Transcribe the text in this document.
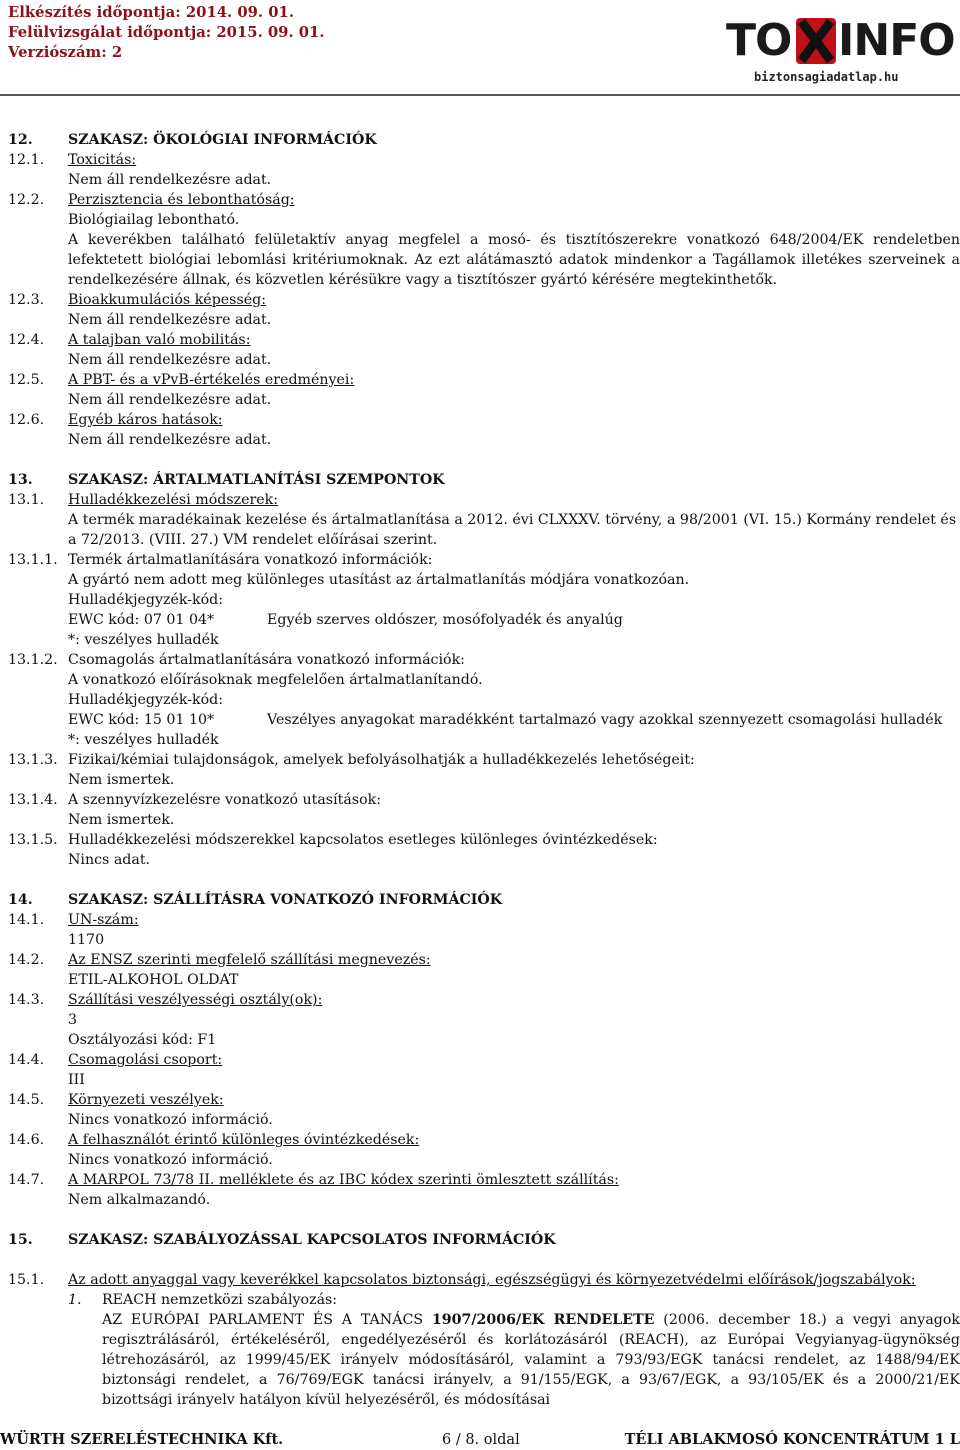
Elkészítés időpontja: 2014. 09. 01.
Felülvizsgálat időpontja: 2015. 09. 01.
Verziószám: 2	TO INFO
biztonsagiadatlap.hu
12.	SZAKASZ: ÖKOLÓGIAI INFORMÁCIÓK
12.1.	Toxicitás:
Nem áll rendelkezésre adat.
12.2.	Perzisztencia és lebonthatóság:
Biológiailag lebontható.
A keverékben található felületaktív anyag megfelel a mosó- és tisztítószerekre vonatkozó 648/2004/EK rendeletben lefektetett biológiai lebomlási kritériumoknak. Az ezt alátámasztó adatok mindenkor a Tagállamok illetékes szerveinek a rendelkezésére állnak, és közvetlen kérésükre vagy a tisztítószer gyártó kérésére megtekinthetők.
12.3.	Bioakkumulációs képesség:
Nem áll rendelkezésre adat.
12.4.	A talajban való mobilitás:
Nem áll rendelkezésre adat.
12.5.	A PBT- és a vPvB-értékelés eredményei:
Nem áll rendelkezésre adat.
12.6.	Egyéb káros hatások:
Nem áll rendelkezésre adat.
13.	SZAKASZ: ÁRTALMATLANÍTÁSI SZEMPONTOK
13.1.	Hulladékkezelési módszerek:
A termék maradékainak kezelése és ártalmatlanítása a 2012. évi CLXXXV. törvény, a 98/2001 (VI. 15.) Kormány rendelet és a 72/2013. (VIII. 27.) VM rendelet előírásai szerint.
13.1.1. Termék ártalmatlanítására vonatkozó információk:
A gyártó nem adott meg különleges utasítást az ártalmatlanítás módjára vonatkozóan.
Hulladékjegyzék-kód:
EWC kód: 07 01 04*	Egyéb szerves oldószer, mosófolyadék és anyalúg
*: veszélyes hulladék
13.1.2. Csomagolás ártalmatlanítására vonatkozó információk:
A vonatkozó előírásoknak megfelelően ártalmatlanítandó.
Hulladékjegyzék-kód:
EWC kód: 15 01 10*	Veszélyes anyagokat maradékként tartalmazó vagy azokkal szennyezett csomagolási hulladék
*: veszélyes hulladék
13.1.3. Fizikai/kémiai tulajdonságok, amelyek befolyásolhatják a hulladékkezelés lehetőségeit:
Nem ismertek.
13.1.4. A szennyvízkezelésre vonatkozó utasítások:
Nem ismertek.
13.1.5. Hulladékkezelési módszerekkel kapcsolatos esetleges különleges óvintézkedések:
Nincs adat.
14.	SZAKASZ: SZÁLLÍTÁSRA VONATKOZÓ INFORMÁCIÓK
14.1.	UN-szám:
1170
14.2.	Az ENSZ szerinti megfelelő szállítási megnevezés:
ETIL-ALKOHOL OLDAT
14.3.	Szállítási veszélyességi osztály(ok):
3
Osztályozási kód: F1
14.4.	Csomagolási csoport:
III
14.5.	Környezeti veszélyek:
Nincs vonatkozó információ.
14.6.	A felhasználót érintő különleges óvintézkedések:
Nincs vonatkozó információ.
14.7.	A MARPOL 73/78 II. melléklete és az IBC kódex szerinti ömlesztett szállítás:
Nem alkalmazandó.
15.	SZAKASZ: SZABÁLYOZÁSSAL KAPCSOLATOS INFORMÁCIÓK
15.1.	Az adott anyaggal vagy keverékkel kapcsolatos biztonsági, egészségügyi és környezetvédelmi előírások/jogszabályok:
1. REACH nemzetközi szabályozás:
AZ EURÓPAI PARLAMENT ÉS A TANÁCS 1907/2006/EK RENDELETE (2006. december 18.) a vegyi anyagok regisztrálásáról, értékeléséről, engedélyezéséről és korlátozásáról (REACH), az Európai Vegyianyag-ügynökség létrehozásáról, az 1999/45/EK irányelv módosításáról, valamint a 793/93/EGK tanácsi rendelet, az 1488/94/EK biztonsági rendelet, a 76/769/EGK tanácsi irányelv, a 91/155/EGK, a 93/67/EGK, a 93/105/EK és a 2000/21/EK bizottsági irányelv hatályon kívül helyezéséről, és módosításai
WÜRTH SZERELÉSTECHNIKA Kft.	6 / 8. oldal	TÉLI ABLAKMOSÓ KONCENTRÁTUM 1 L
